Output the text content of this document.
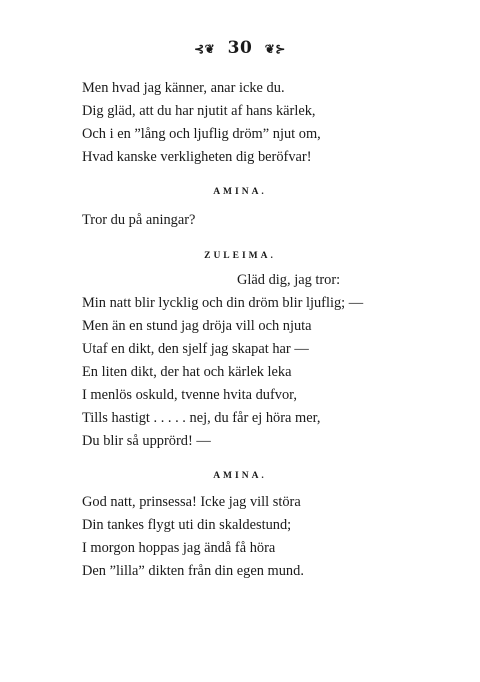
⊰❦ 30 ❦⊱
Men hvad jag känner, anar icke du.
Dig gläd, att du har njutit af hans kärlek,
Och i en ”lång och ljuflig dröm” njut om,
Hvad kanske verkligheten dig beröfvar!
AMINA.
Tror du på aningar?
ZULEIMA.
Gläd dig, jag tror:
Min natt blir lycklig och din dröm blir ljuflig; —
Men än en stund jag dröja vill och njuta
Utaf en dikt, den sjelf jag skapat har —
En liten dikt, der hat och kärlek leka
I menlös oskuld, tvenne hvita dufvor,
Tills hastigt . . . . . nej, du får ej höra mer,
Du blir så upprörd! —
AMINA.
God natt, prinsessa! Icke jag vill störa
Din tankes flygt uti din skaldestund;
I morgon hoppas jag ändå få höra
Den ”lilla” dikten från din egen mund.
